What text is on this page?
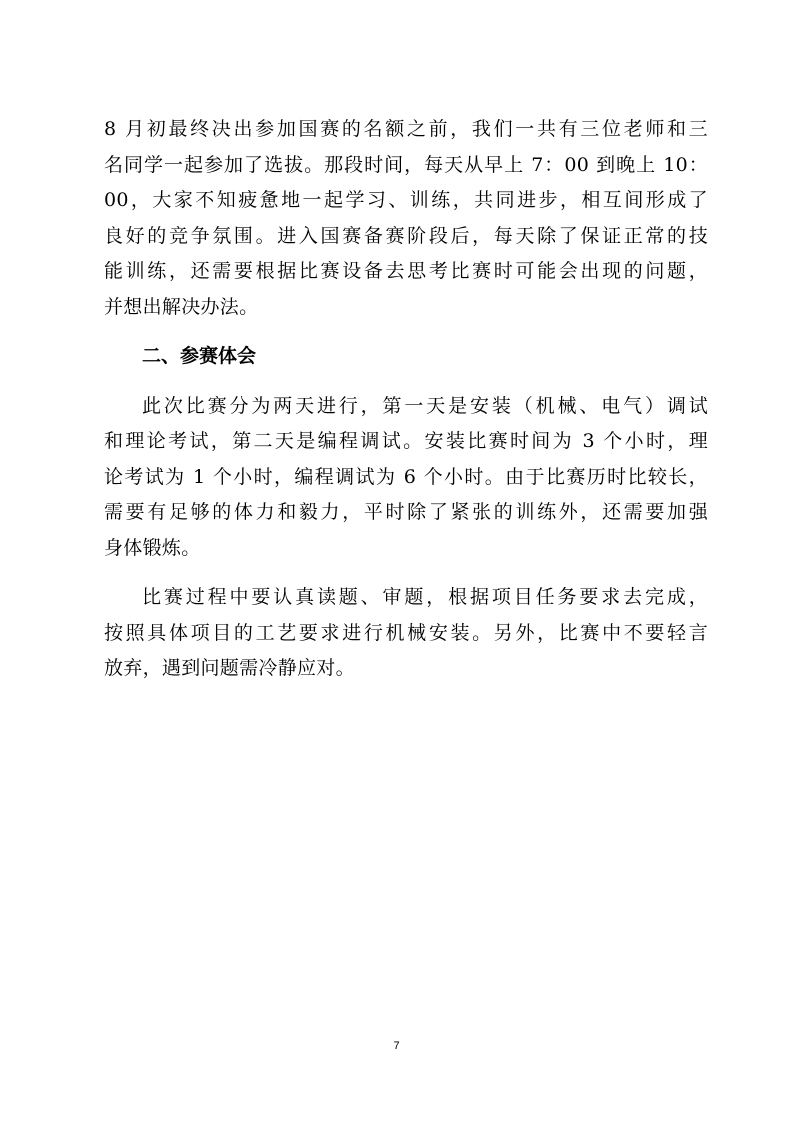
8 月初最终决出参加国赛的名额之前，我们一共有三位老师和三
名同学一起参加了选拔。那段时间，每天从早上 7：00 到晚上 10：
00，大家不知疲惫地一起学习、训练，共同进步，相互间形成了
良好的竞争氛围。进入国赛备赛阶段后，每天除了保证正常的技
能训练，还需要根据比赛设备去思考比赛时可能会出现的问题，
并想出解决办法。

二、参赛体会

此次比赛分为两天进行，第一天是安装（机械、电气）调试
和理论考试，第二天是编程调试。安装比赛时间为 3 个小时，理
论考试为 1 个小时，编程调试为 6 个小时。由于比赛历时比较长，
需要有足够的体力和毅力，平时除了紧张的训练外，还需要加强
身体锻炼。

比赛过程中要认真读题、审题，根据项目任务要求去完成，
按照具体项目的工艺要求进行机械安装。另外，比赛中不要轻言
放弃，遇到问题需冷静应对。

7
